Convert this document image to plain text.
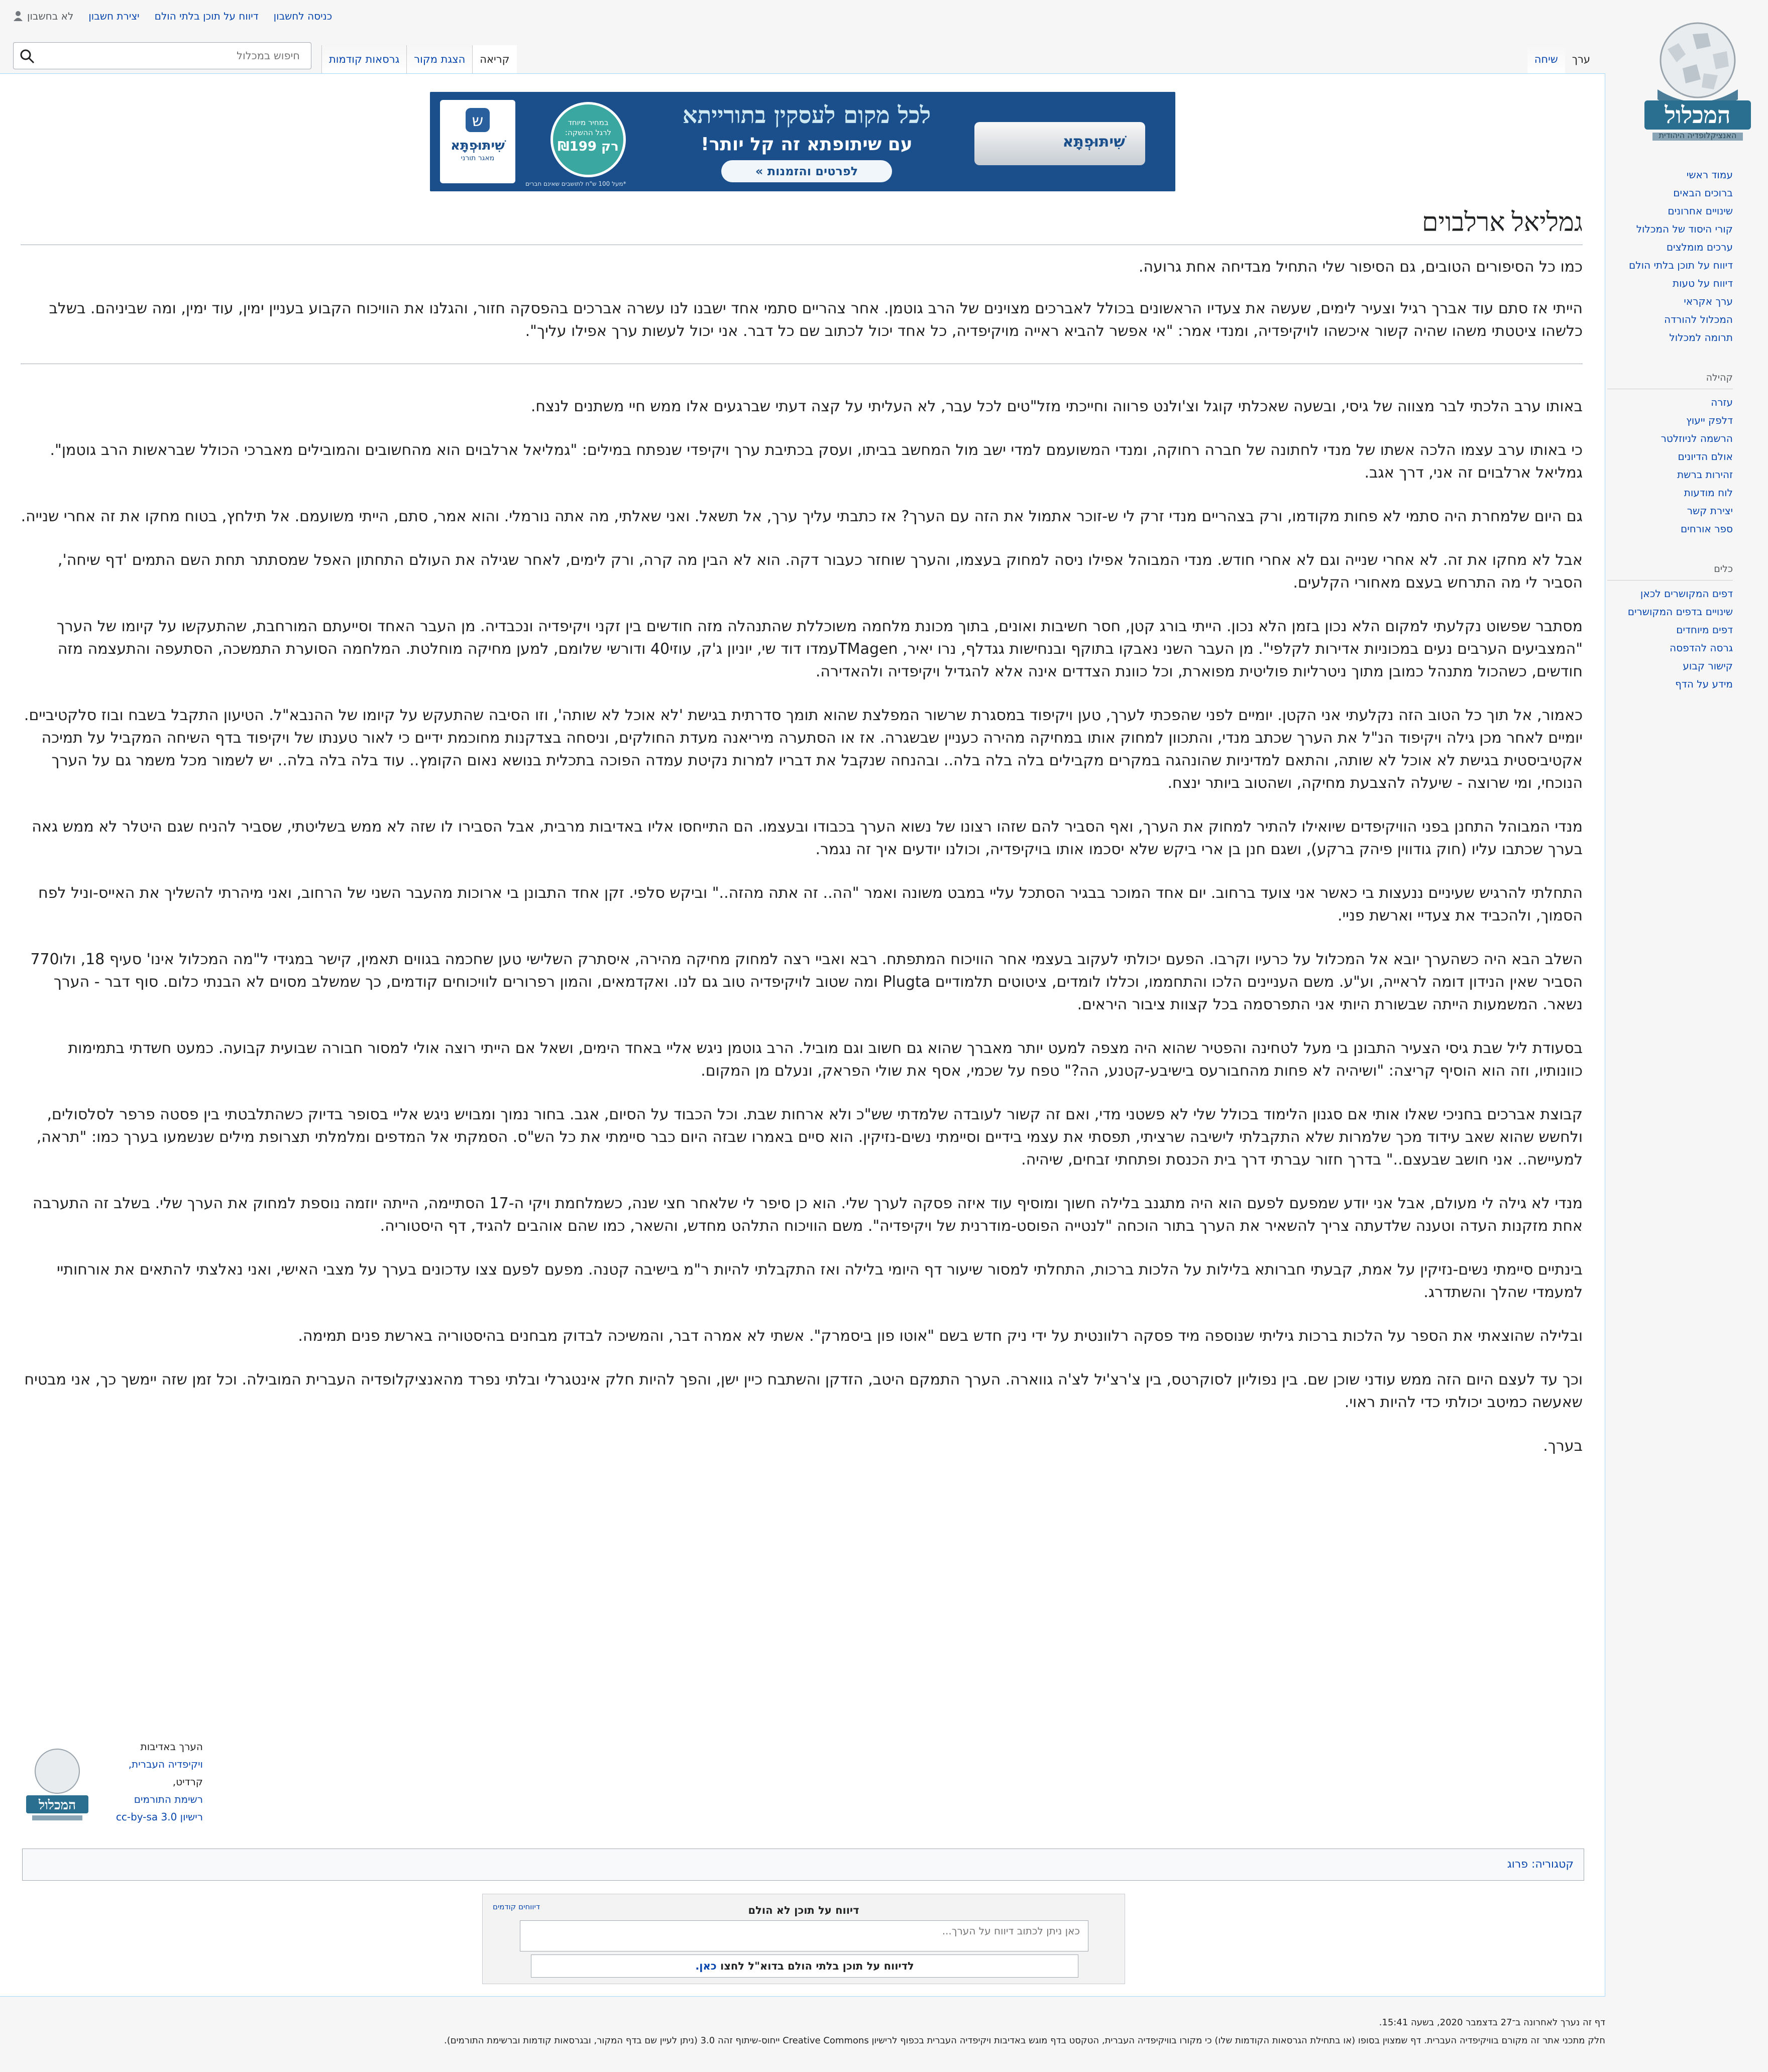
המכלול
האנציקלופדיה היהודית
עמוד ראשי
ברוכים הבאים
שינויים אחרונים
קורי היסוד של המכלול
ערכים מומלצים
דיווח על תוכן בלתי הולם
דיווח על טעות
ערך אקראי
המכלול להורדה
תרומה למכלול
קהילה
עזרה
דלפק ייעוץ
הרשמה לניוזלטר
אולם הדיונים
זהירות ברשת
לוח מודעות
יצירת קשר
ספר אורחים
כלים
דפים המקושרים לכאן
שינויים בדפים המקושרים
דפים מיוחדים
גרסה להדפסה
קישור קבוע
מידע על הדף
כניסה לחשבון
דיווח על תוכן בלתי הולם
יצירת חשבון
לא בחשבון
ערך
שיחה
קריאה
הצגת מקור
גרסאות קודמות
חיפוש במכלול
ש
שִׁיתּוּפְתָּא
מאגר תורני
במחיר מיוחד לרגל ההשקה:
רק ₪199
לכל מקום לעסקין בתורייתא
עם שיתופתא זה קל יותר!
לפרטים והזמנות »
*מעל 100 ש"ח לתושבים שאינם חברים
שִׁיתּוּפְתָּא
גמליאל ארלבוים

כמו כל הסיפורים הטובים, גם הסיפור שלי התחיל מבדיחה אחת גרועה.

הייתי אז סתם עוד אברך רגיל וצעיר לימים, שעשה את צעדיו הראשונים בכולל לאברכים מצוינים של הרב גוטמן. אחר צהריים סתמי אחד ישבנו לנו עשרה אברכים בהפסקה חזור, והגלנו את הוויכוח הקבוע בעניין ימין, עוד ימין, ומה שביניהם. בשלב כלשהו ציטטתי משהו שהיה קשור איכשהו לויקיפדיה, ומנדי אמר: "אי אפשר להביא ראייה מויקיפדיה, כל אחד יכול לכתוב שם כל דבר. אני יכול לעשות ערך אפילו עליך".

באותו ערב הלכתי לבר מצווה של גיסי, ובשעה שאכלתי קוגל וצ'ולנט פרווה וחייכתי מזל"טים לכל עבר, לא העליתי על קצה דעתי שברגעים אלו ממש חיי משתנים לנצח.

כי באותו ערב עצמו הלכה אשתו של מנדי לחתונה של חברה רחוקה, ומנדי המשועמם למדי ישב מול המחשב בביתו, ועסק בכתיבת ערך ויקיפדי שנפתח במילים: "גמליאל ארלבוים הוא מהחשובים והמובילים מאברכי הכולל שבראשות הרב גוטמן". גמליאל ארלבוים זה אני, דרך אגב.

גם היום שלמחרת היה סתמי לא פחות מקודמו, ורק בצהריים מנדי זרק לי ש-זוכר אתמול את הזה עם הערך? אז כתבתי עליך ערך, אל תשאל. ואני שאלתי, מה אתה נורמלי. והוא אמר, סתם, הייתי משועמם. אל תילחץ, בטוח מחקו את זה אחרי שנייה.

אבל לא מחקו את זה. לא אחרי שנייה וגם לא אחרי חודש. מנדי המבוהל אפילו ניסה למחוק בעצמו, והערך שוחזר כעבור דקה. הוא לא הבין מה קרה, ורק לימים, לאחר שגילה את העולם התחתון האפל שמסתתר תחת השם התמים 'דף שיחה', הסביר לי מה התרחש בעצם מאחורי הקלעים.

מסתבר שפשוט נקלעתי למקום הלא נכון בזמן הלא נכון. הייתי בורג קטן, חסר חשיבות ואונים, בתוך מכונת מלחמה משוכללת שהתנהלה מזה חודשים בין זקני ויקיפדיה ונכבדיה. מן העבר האחד וסייעתם המורחבת, שהתעקשו על קיומו של הערך "המצביעים הערבים נעים במכוניות אדירות לקלפי". מן העבר השני נאבקו בתוקף ובנחישות גגדלף, נרו יאיר, TMagenעמדו דוד שי, יוניון ג'ק, עוזי40 ודורשי שלומם, למען מחיקה מוחלטת. המלחמה הסוערת התמשכה, הסתעפה והתעצמה מזה חודשים, כשהכול מתנהל כמובן מתוך ניטרליות פוליטית מפוארת, וכל כוונת הצדדים אינה אלא להגדיל ויקיפדיה ולהאדירה.

כאמור, אל תוך כל הטוב הזה נקלעתי אני הקטן. יומיים לפני שהפכתי לערך, טען ויקיפוד במסגרת שרשור המפלצת שהוא תומך סדרתית בגישת 'לא אוכל לא שותה', וזו הסיבה שהתעקש על קיומו של ההנבא"ל. הטיעון התקבל בשבח ובוז סלקטיביים. יומיים לאחר מכן גילה ויקיפוד הנ"ל את הערך שכתב מנדי, והתכוון למחוק אותו במחיקה מהירה כעניין שבשגרה. אז או הסתערה מיריאנה מעדת החולקים, וניסחה בצדקנות מחוכמת ידיים כי לאור טענתו של ויקיפוד בדף השיחה המקביל על תמיכה אקטיביסטית בגישת לא אוכל לא שותה, והתאם למדיניות שהונהגה במקרים מקבילים בלה בלה בלה.. ובהנחה שנקבל את דבריו למרות נקיטת עמדה הפוכה בתכלית בנושא נאום הקומץ.. עוד בלה בלה בלה.. יש לשמור מכל משמר גם על הערך הנוכחי, ומי שרוצה - שיעלה להצבעת מחיקה, ושהטוב ביותר ינצח.

מנדי המבוהל התחנן בפני הוויקיפדים שיואילו להתיר למחוק את הערך, ואף הסביר להם שזהו רצונו של נשוא הערך בכבודו ובעצמו. הם התייחסו אליו באדיבות מרבית, אבל הסבירו לו שזה לא ממש בשליטתי, שסביר להניח שגם היטלר לא ממש גאה בערך שכתבו עליו (חוק גודווין פיהק ברקע), ושגם חנן בן ארי ביקש שלא יסכמו אותו בויקיפדיה, וכולנו יודעים איך זה נגמר.

התחלתי להרגיש שעיניים ננעצות בי כאשר אני צועד ברחוב. יום אחד המוכר בבגיר הסתכל עליי במבט משונה ואמר "הה.. זה אתה מהזה.." וביקש סלפי. זקן אחד התבונן בי ארוכות מהעבר השני של הרחוב, ואני מיהרתי להשליך את האייס-וניל לפח הסמוך, ולהכביד את צעדיי וארשת פניי.

השלב הבא היה כשהערך יובא אל המכלול על כרעיו וקרבו. הפעם יכולתי לעקוב בעצמי אחר הוויכוח המתפתח. רבא ואביי רצה למחוק מחיקה מהירה, איסתרק השלישי טען שחכמה בגווים תאמין, קישר במגידי ל"מה המכלול אינו' סעיף 18, ולו770 הסביר שאין הנידון דומה לראייה, וע"ע. משם העניינים הלכו והתחממו, וכללו לומדים, ציטוטים תלמודיים Plugta ומה שטוב לויקיפדיה טוב גם לנו. ואקדמאים, והמון רפרורים לוויכוחים קודמים, כך שמשלב מסוים לא הבנתי כלום. סוף דבר - הערך נשאר. המשמעות הייתה שבשורת היותי אני התפרסמה בכל קצוות ציבור היראים.

בסעודת ליל שבת גיסי הצעיר התבונן בי מעל לטחינה והפטיר שהוא היה מצפה למעט יותר מאברך שהוא גם חשוב וגם מוביל. הרב גוטמן ניגש אליי באחד הימים, ושאל אם הייתי רוצה אולי למסור חבורה שבועית קבועה. כמעט חשדתי בתמימות כוונותיו, וזה הוא הוסיף קריצה: "ושיהיה לא פחות מהחבורעס בישיבע-קטנע, הה?" טפח על שכמי, אסף את שולי הפראק, ונעלם מן המקום.

קבוצת אברכים בחניכי שאלו אותי אם סגנון הלימוד בכולל שלי לא פשטני מדי, ואם זה קשור לעובדה שלמדתי שש"כ ולא ארחות שבת. וכל הכבוד על הסיום, אגב. בחור נמוך ומבויש ניגש אליי בסופר בדיוק כשהתלבטתי בין פסטה פרפר לסלסולים, ולחשש שהוא שאב עידוד מכך שלמרות שלא התקבלתי לישיבה שרציתי, תפסתי את עצמי בידיים וסיימתי נשים-נזיקין. הוא סיים באמרו שבזה היום כבר סיימתי את כל הש"ס. הסמקתי אל המדפים ומלמלתי תצרופת מילים שנשמעו בערך כמו: "תראה, למעיישה.. אני חושב שבעצם.." בדרך חזור עברתי דרך בית הכנסת ופתחתי זבחים, שיהיה.

מנדי לא גילה לי מעולם, אבל אני יודע שמפעם לפעם הוא היה מתגנב בלילה חשוך ומוסיף עוד איזה פסקה לערך שלי. הוא כן סיפר לי שלאחר חצי שנה, כשמלחמת ויקי ה-17 הסתיימה, הייתה יוזמה נוספת למחוק את הערך שלי. בשלב זה התערבה אחת מזקנות העדה וטענה שלדעתה צריך להשאיר את הערך בתור הוכחה "לנטייה הפוסט-מודרנית של ויקיפדיה". משם הוויכוח התלהט מחדש, והשאר, כמו שהם אוהבים להגיד, דף היסטוריה.

בינתיים סיימתי נשים-נזיקין על אמת, קבעתי חברותא בלילות על הלכות ברכות, התחלתי למסור שיעור דף היומי בלילה ואז התקבלתי להיות ר"מ בישיבה קטנה. מפעם לפעם צצו עדכונים בערך על מצבי האישי, ואני נאלצתי להתאים את אורחותיי למעמדי שהלך והשתדרג.

ובלילה שהוצאתי את הספר על הלכות ברכות גיליתי שנוספה מיד פסקה רלוונטית על ידי ניק חדש בשם "אוטו פון ביסמרק". אשתי לא אמרה דבר, והמשיכה לבדוק מבחנים בהיסטוריה בארשת פנים תמימה.

וכך עד לעצם היום הזה ממש עודני שוכן שם. בין נפוליון לסוקרטס, בין צ'רצ'יל לצ'ה גווארה. הערך התמקם היטב, הזדקן והשתבח כיין ישן, והפך להיות חלק אינטגרלי ובלתי נפרד מהאנציקלופדיה העברית המובילה. וכל זמן שזה יימשך כך, אני מבטיח שאעשה כמיטב יכולתי כדי להיות ראוי.

בערך.

המכלול
הערך באדיבות
ויקיפדיה העברית,
קרדיט,
רשימת התורמים
רישיון cc-by-sa 3.0
קטגוריה: פרוג
דיווח על תוכן לא הולם
דיווחים קודמים
כאן ניתן לכתוב דיווח על הערך...
לדיווח על תוכן בלתי הולם בדוא"ל לחצו כאן.

דף זה נערך לאחרונה ב־27 בדצמבר 2020, בשעה 15:41.

חלק מתכני אתר זה מקורם בוויקיפדיה העברית. דף שמצוין בסופו (או בתחילת הגרסאות הקודמות שלו) כי מקורו בוויקיפדיה העברית, הטקסט בדף מוגש באדיבות ויקיפדיה העברית בכפוף לרישיון Creative Commons ייחוס-שיתוף זהה 3.0 (ניתן לעיין שם בדף המקור, ובגרסאות קודמות וברשימת התורמים).
